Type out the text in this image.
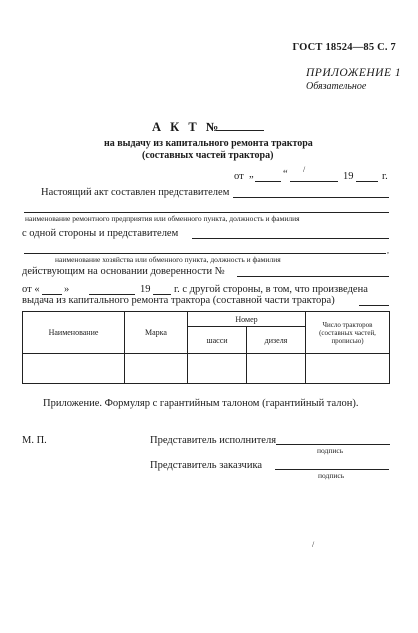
ГОСТ 18524—85 С. 7
ПРИЛОЖЕНИЕ 1
Обязательное
А К Т №
на выдачу из капитального ремонта трактора
(составных частей трактора)
/
от „	“	19	г.
Настоящий акт составлен представителем
наименование ремонтного предприятия или обменного пункта, должность и фамилия
с одной стороны и представителем
,
наименование хозяйства или обменного пункта, должность и фамилия
действующим на основании доверенности №
от « »	19 г. с другой стороны, в том, что произведена
выдача из капитального ремонта трактора (составной части трактора)
Наименование	Марка	Номер		Число тракторов (составных частей, прописью)
		шасси	дизеля	

Приложение. Формуляр с гарантийным талоном (гарантийный талон).
М. П.	Представитель исполнителя
подпись
Представитель заказчика
подпись
/
